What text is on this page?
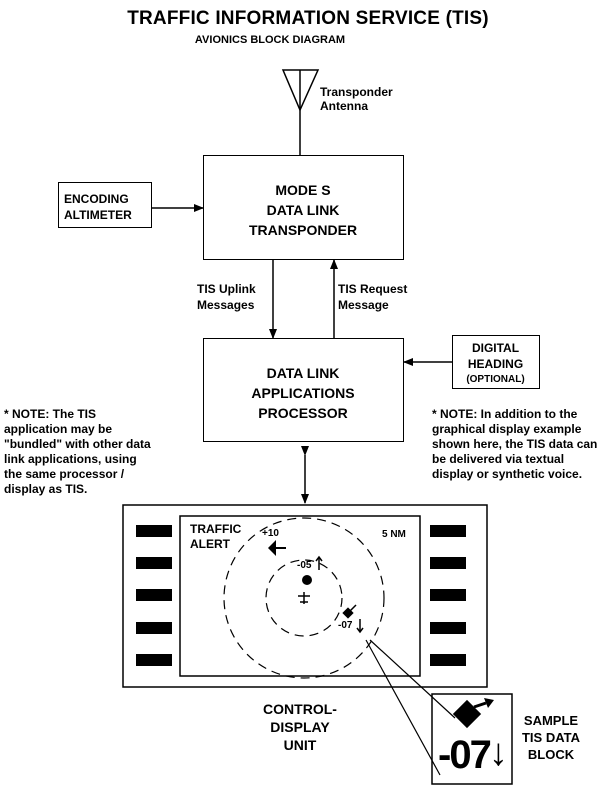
TRAFFIC INFORMATION SERVICE (TIS)
AVIONICS BLOCK DIAGRAM
Transponder
Antenna
MODE S
DATA LINK
TRANSPONDER
ENCODING
ALTIMETER
TIS Uplink
Messages
TIS Request
Message
DATA LINK
APPLICATIONS
PROCESSOR
DIGITAL
HEADING
(OPTIONAL)
* NOTE: The TIS application may be "bundled" with other data link applications, using the same processor / display as TIS.
* NOTE: In addition to the graphical display example shown here, the TIS data can be delivered via textual display or synthetic voice.
TRAFFIC
ALERT
5 NM
+10
-05
-07
CONTROL-
DISPLAY
UNIT	-07 ↓
SAMPLE
TIS DATA
BLOCK
